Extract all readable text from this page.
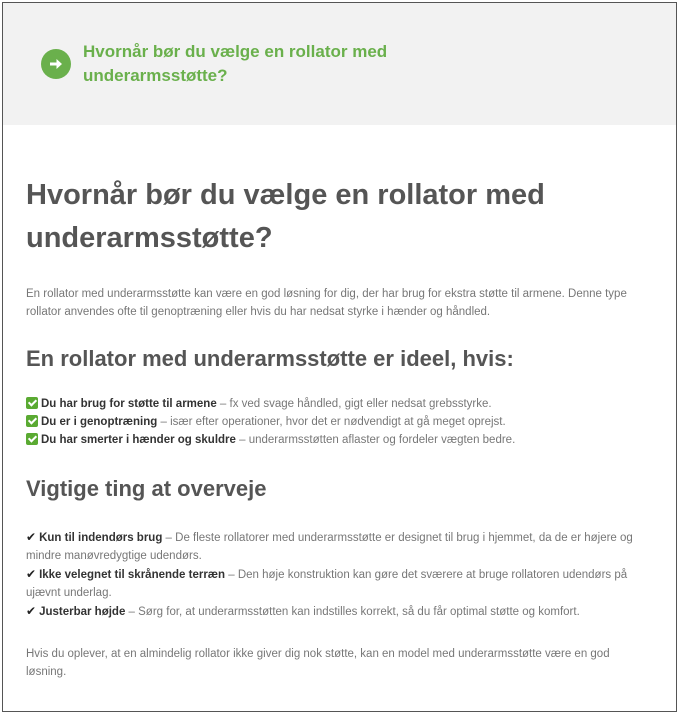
Hvornår bør du vælge en rollator med underarmsstøtte?
Hvornår bør du vælge en rollator med underarmsstøtte?

En rollator med underarmsstøtte kan være en god løsning for dig, der har brug for ekstra støtte til armene. Denne type rollator anvendes ofte til genoptræning eller hvis du har nedsat styrke i hænder og håndled.

En rollator med underarmsstøtte er ideel, hvis:
Du har brug for støtte til armene – fx ved svage håndled, gigt eller nedsat grebsstyrke.
Du er i genoptræning – især efter operationer, hvor det er nødvendigt at gå meget oprejst.
Du har smerter i hænder og skuldre – underarmsstøtten aflaster og fordeler vægten bedre.
Vigtige ting at overveje
✔ Kun til indendørs brug – De fleste rollatorer med underarmsstøtte er designet til brug i hjemmet, da de er højere og mindre manøvredygtige udendørs.
✔ Ikke velegnet til skrånende terræn – Den høje konstruktion kan gøre det sværere at bruge rollatoren udendørs på ujævnt underlag.
✔ Justerbar højde – Sørg for, at underarmsstøtten kan indstilles korrekt, så du får optimal støtte og komfort.

Hvis du oplever, at en almindelig rollator ikke giver dig nok støtte, kan en model med underarmsstøtte være en god løsning.
